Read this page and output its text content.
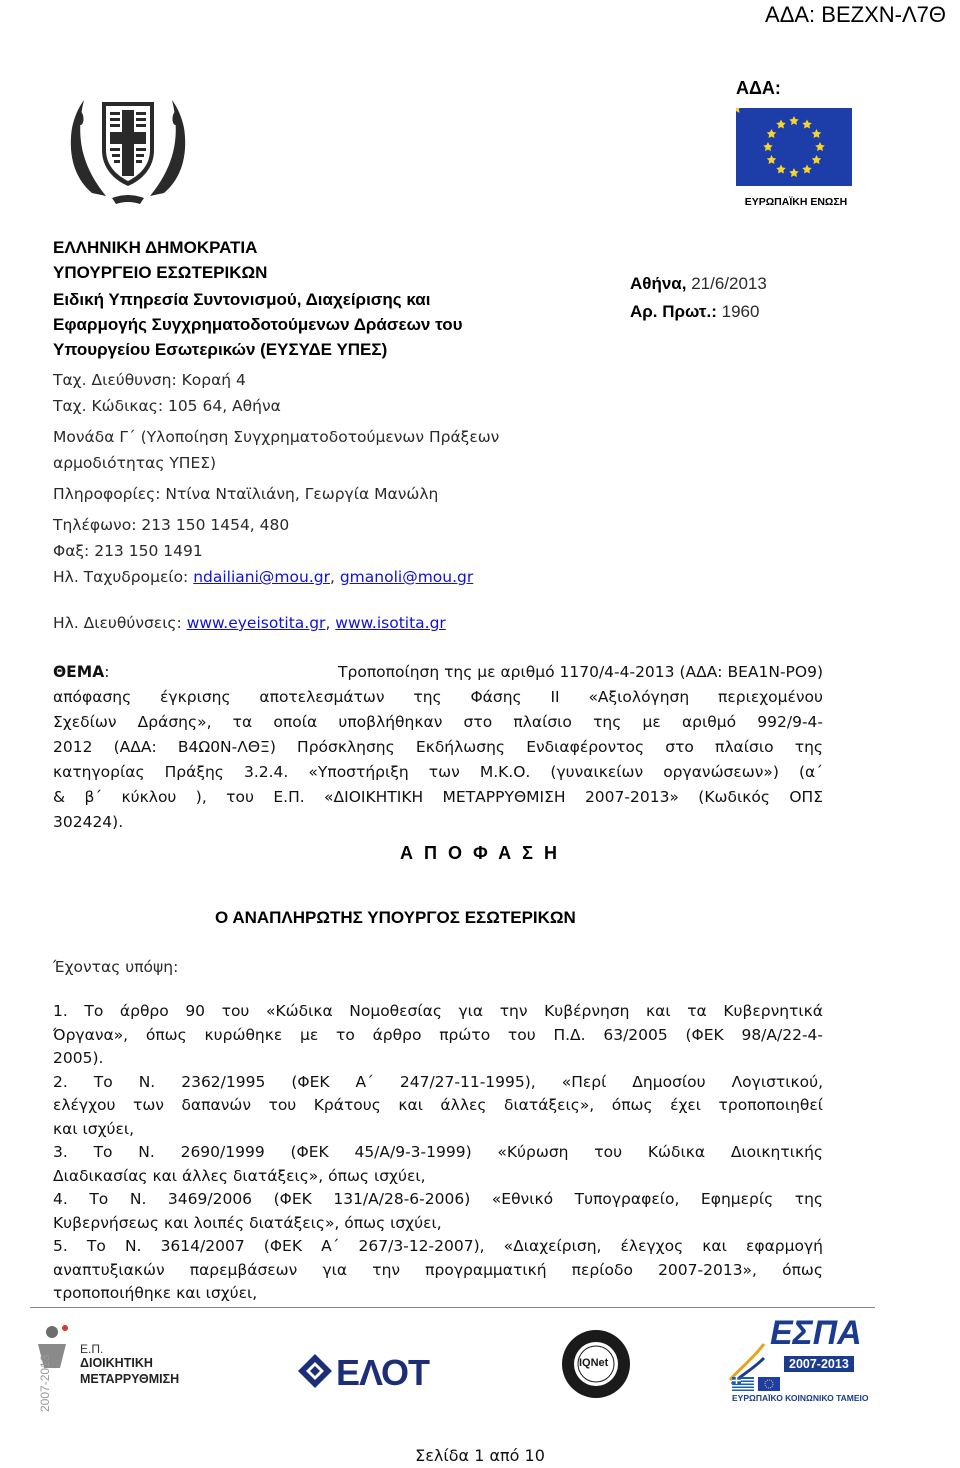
ΑΔΑ: ΒΕΖΧΝ-Λ7Θ
ΑΔΑ:
ΕΥΡΩΠΑΪΚΗ ΕΝΩΣΗ
ΕΛΛΗΝΙΚΗ ΔΗΜΟΚΡΑΤΙΑ
ΥΠΟΥΡΓΕΙΟ ΕΣΩΤΕΡΙΚΩΝ
Ειδική Υπηρεσία Συντονισμού, Διαχείρισης και
Εφαρμογής Συγχρηματοδοτούμενων Δράσεων του
Υπουργείου Εσωτερικών (ΕΥΣΥΔΕ ΥΠΕΣ)
Ταχ. Διεύθυνση: Κοραή 4
Ταχ. Κώδικας: 105 64, Αθήνα
Μονάδα Γ΄ (Υλοποίηση Συγχρηματοδοτούμενων Πράξεων
αρμοδιότητας ΥΠΕΣ)
Πληροφορίες: Ντίνα Νταϊλιάνη, Γεωργία Μανώλη
Τηλέφωνο: 213 150 1454, 480
Φαξ: 213 150 1491
Ηλ. Ταχυδρομείο: ndailiani@mou.gr, gmanoli@mou.gr
Αθήνα, 21/6/2013
Αρ. Πρωτ.: 1960
Ηλ. Διευθύνσεις: www.eyeisotita.gr, www.isotita.gr
ΘΕΜΑ:	Τροποποίηση της με αριθμό 1170/4-4-2013 (ΑΔΑ: ΒΕΑ1Ν-ΡΟ9)
απόφασης έγκρισης αποτελεσμάτων της Φάσης ΙΙ «Αξιολόγηση περιεχομένου
Σχεδίων Δράσης», τα οποία υποβλήθηκαν στο πλαίσιο της με αριθμό 992/9-4-
2012 (ΑΔΑ: Β4Ω0Ν-ΛΘΞ) Πρόσκλησης Εκδήλωσης Ενδιαφέροντος στο πλαίσιο της
κατηγορίας Πράξης 3.2.4. «Υποστήριξη των Μ.Κ.Ο. (γυναικείων οργανώσεων») (α΄
& β΄ κύκλου ), του Ε.Π. «ΔΙΟΙΚΗΤΙΚΗ ΜΕΤΑΡΡΥΘΜΙΣΗ 2007-2013» (Κωδικός ΟΠΣ
302424).
Α Π Ο Φ Α Σ Η
Ο ΑΝΑΠΛΗΡΩΤΗΣ ΥΠΟΥΡΓΟΣ ΕΣΩΤΕΡΙΚΩΝ
Έχοντας υπόψη:
1. Το άρθρο 90 του «Κώδικα Νομοθεσίας για την Κυβέρνηση και τα Κυβερνητικά
Όργανα», όπως κυρώθηκε με το άρθρο πρώτο του Π.Δ. 63/2005 (ΦΕΚ 98/Α/22-4-
2005).
2. Το Ν. 2362/1995 (ΦΕΚ Α΄ 247/27-11-1995), «Περί Δημοσίου Λογιστικού,
ελέγχου των δαπανών του Κράτους και άλλες διατάξεις», όπως έχει τροποποιηθεί
και ισχύει,
3. Το Ν. 2690/1999 (ΦΕΚ 45/Α/9-3-1999) «Κύρωση του Κώδικα Διοικητικής
Διαδικασίας και άλλες διατάξεις», όπως ισχύει,
4. Το Ν. 3469/2006 (ΦΕΚ 131/Α/28-6-2006) «Εθνικό Τυπογραφείο, Εφημερίς της
Κυβερνήσεως και λοιπές διατάξεις», όπως ισχύει,
5. Το Ν. 3614/2007 (ΦΕΚ Α΄ 267/3-12-2007), «Διαχείριση, έλεγχος και εφαρμογή
αναπτυξιακών παρεμβάσεων για την προγραμματική περίοδο 2007-2013», όπως
τροποποιήθηκε και ισχύει,
2007-2013
Ε.Π.
ΔΙΟΙΚΗΤΙΚΗ
ΜΕΤΑΡΡΥΘΜΙΣΗ	ΕΛΟΤ
CERTIFIED
IQNet
MANAGEMENT SYSTEM
ΕΣΠΑ
2007-2013
ΕΥΡΩΠΑΪΚΟ ΚΟΙΝΩΝΙΚΟ ΤΑΜΕΙΟ
Σελίδα 1 από 10
